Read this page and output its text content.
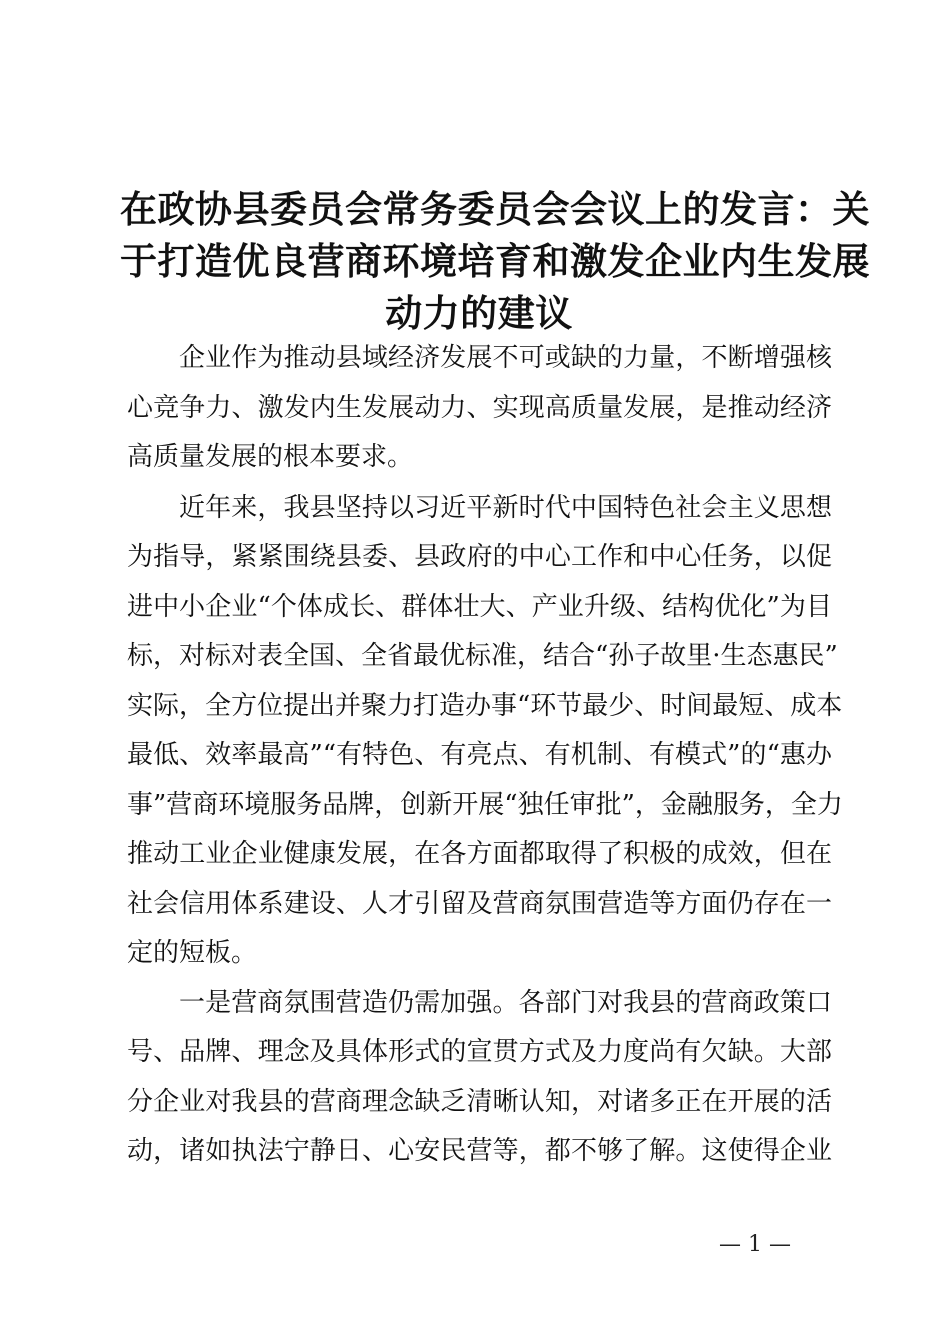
在政协县委员会常务委员会会议上的发言：关
于打造优良营商环境培育和激发企业内生发展
动力的建议
企业作为推动县域经济发展不可或缺的力量，不断增强核
心竞争力、激发内生发展动力、实现高质量发展，是推动经济
高质量发展的根本要求。
近年来，我县坚持以习近平新时代中国特色社会主义思想
为指导，紧紧围绕县委、县政府的中心工作和中心任务，以促
进中小企业“个体成长、群体壮大、产业升级、结构优化”为目
标，对标对表全国、全省最优标准，结合“孙子故里·生态惠民”
实际，全方位提出并聚力打造办事“环节最少、时间最短、成本
最低、效率最高”“有特色、有亮点、有机制、有模式”的“惠办
事”营商环境服务品牌，创新开展“独任审批”，金融服务，全力
推动工业企业健康发展，在各方面都取得了积极的成效，但在
社会信用体系建设、人才引留及营商氛围营造等方面仍存在一
定的短板。
一是营商氛围营造仍需加强。各部门对我县的营商政策口
号、品牌、理念及具体形式的宣贯方式及力度尚有欠缺。大部
分企业对我县的营商理念缺乏清晰认知，对诸多正在开展的活
动，诸如执法宁静日、心安民营等，都不够了解。这使得企业
— 1 —
